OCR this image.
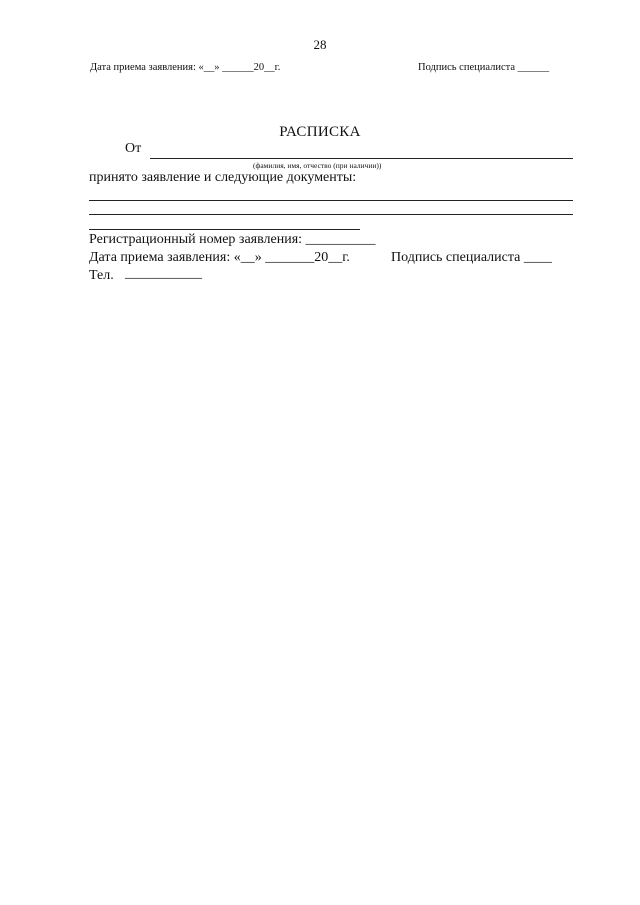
28
Дата приема заявления: «__» ______20__г.	Подпись специалиста ______
РАСПИСКА
От
(фамилия, имя, отчество (при наличии))
принято заявление и следующие документы:
Регистрационный номер заявления: __________
Дата приема заявления: «__» _______20__г.	Подпись специалиста ____
Тел. ___________
